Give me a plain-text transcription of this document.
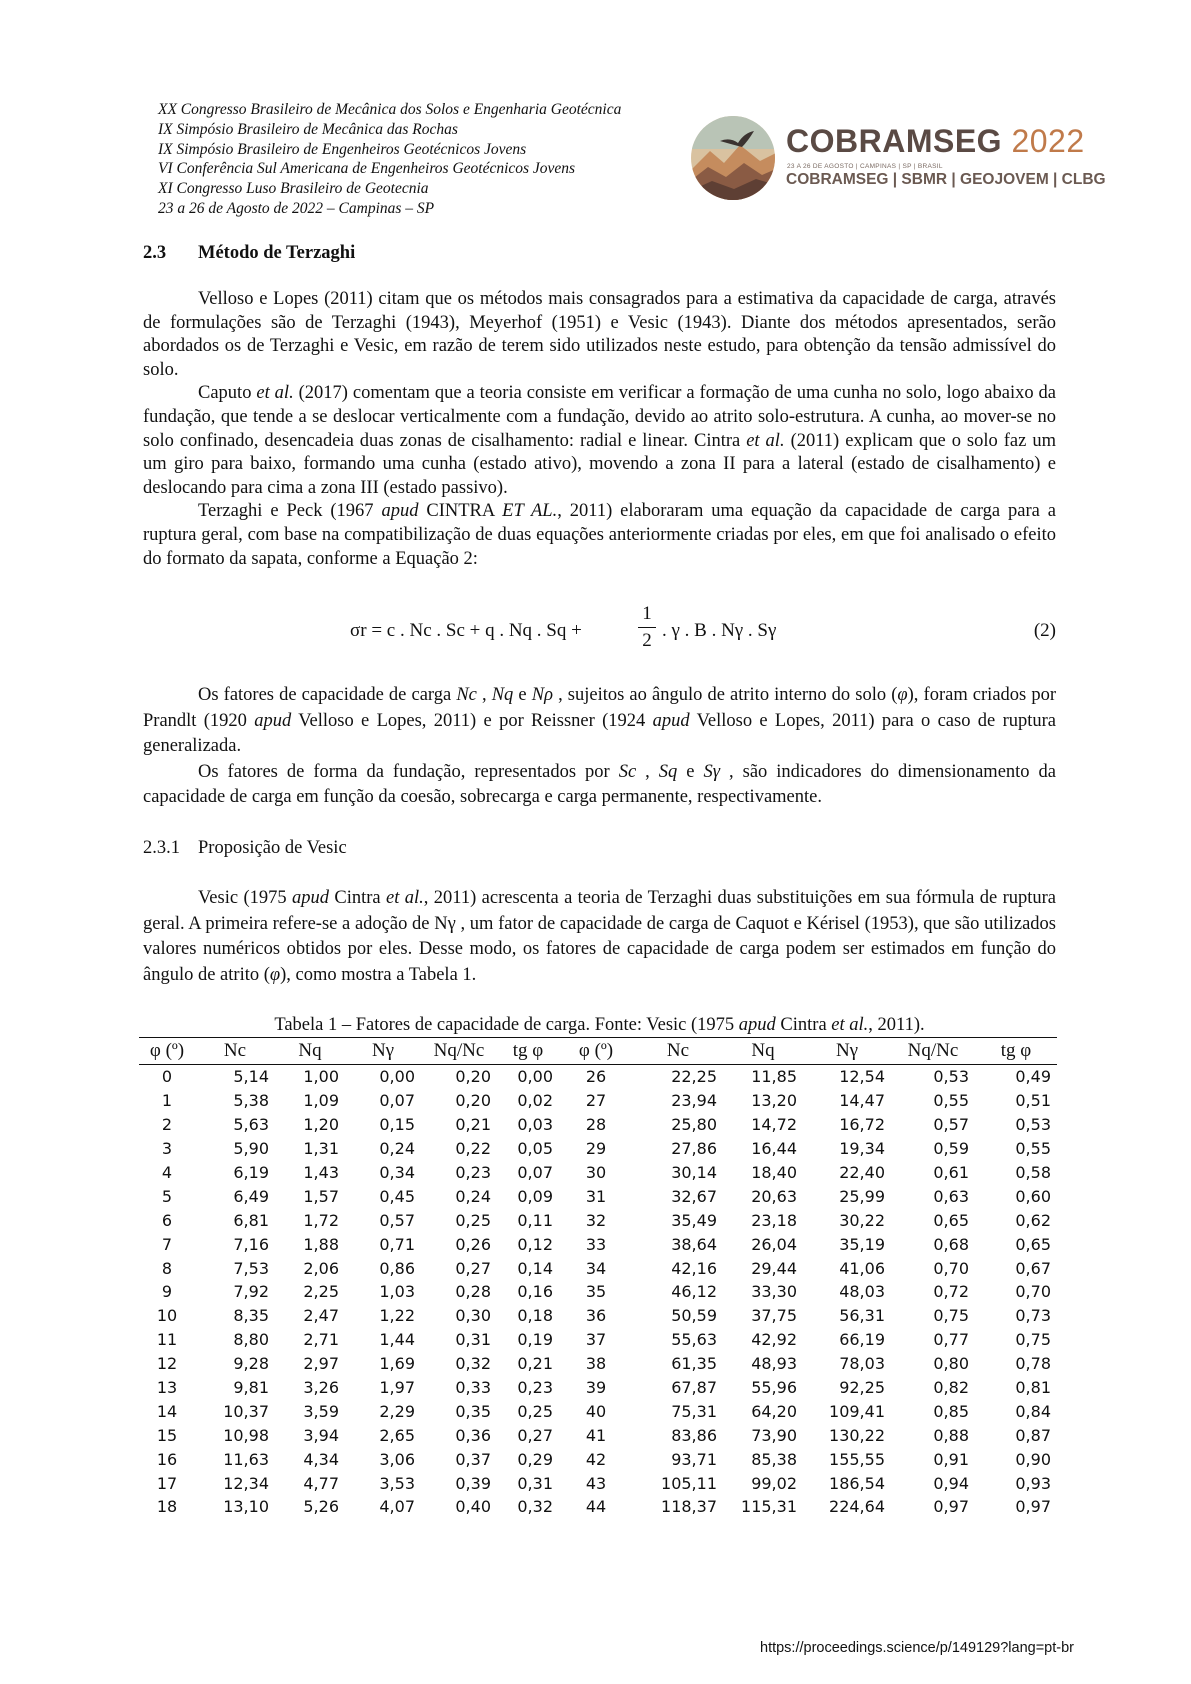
XX Congresso Brasileiro de Mecânica dos Solos e Engenharia Geotécnica
IX Simpósio Brasileiro de Mecânica das Rochas
IX Simpósio Brasileiro de Engenheiros Geotécnicos Jovens
VI Conferência Sul Americana de Engenheiros Geotécnicos Jovens
XI Congresso Luso Brasileiro de Geotecnia
23 a 26 de Agosto de 2022 – Campinas – SP
COBRAMSEG 2022
23 A 26 DE AGOSTO | CAMPINAS | SP | BRASIL
COBRAMSEG | SBMR | GEOJOVEM | CLBG
2.3 Método de Terzaghi

Velloso e Lopes (2011) citam que os métodos mais consagrados para a estimativa da capacidade de carga, através de formulações são de Terzaghi (1943), Meyerhof (1951) e Vesic (1943). Diante dos métodos apresentados, serão abordados os de Terzaghi e Vesic, em razão de terem sido utilizados neste estudo, para obtenção da tensão admissível do solo.

Caputo et al. (2017) comentam que a teoria consiste em verificar a formação de uma cunha no solo, logo abaixo da fundação, que tende a se deslocar verticalmente com a fundação, devido ao atrito solo-estrutura. A cunha, ao mover-se no solo confinado, desencadeia duas zonas de cisalhamento: radial e linear. Cintra et al. (2011) explicam que o solo faz um um giro para baixo, formando uma cunha (estado ativo), movendo a zona II para a lateral (estado de cisalhamento) e deslocando para cima a zona III (estado passivo).

Terzaghi e Peck (1967 apud CINTRA ET AL., 2011) elaboraram uma equação da capacidade de carga para a ruptura geral, com base na compatibilização de duas equações anteriormente criadas por eles, em que foi analisado o efeito do formato da sapata, conforme a Equação 2:

σr = c . Nc . Sc + q . Nq . Sq +
1
2 . γ . B . Nγ . Sγ	(2)

Os fatores de capacidade de carga Nc , Nq e Nρ , sujeitos ao ângulo de atrito interno do solo (φ), foram criados por Prandlt (1920 apud Velloso e Lopes, 2011) e por Reissner (1924 apud Velloso e Lopes, 2011) para o caso de ruptura generalizada.

Os fatores de forma da fundação, representados por Sc , Sq e Sγ , são indicadores do dimensionamento da capacidade de carga em função da coesão, sobrecarga e carga permanente, respectivamente.

2.3.1 Proposição de Vesic

Vesic (1975 apud Cintra et al., 2011) acrescenta a teoria de Terzaghi duas substituições em sua fórmula de ruptura geral. A primeira refere-se a adoção de Nγ , um fator de capacidade de carga de Caquot e Kérisel (1953), que são utilizados valores numéricos obtidos por eles. Desse modo, os fatores de capacidade de carga podem ser estimados em função do ângulo de atrito (φ), como mostra a Tabela 1.

Tabela 1 – Fatores de capacidade de carga. Fonte: Vesic (1975 apud Cintra et al., 2011).
φ (º)	Nc	Nq	Nγ	Nq/Nc	tg φ	φ (º)	Nc	Nq	Nγ	Nq/Nc	tg φ
0	5,14	1,00	0,00	0,20	0,00	26	22,25	11,85	12,54	0,53	0,49
1	5,38	1,09	0,07	0,20	0,02	27	23,94	13,20	14,47	0,55	0,51
2	5,63	1,20	0,15	0,21	0,03	28	25,80	14,72	16,72	0,57	0,53
3	5,90	1,31	0,24	0,22	0,05	29	27,86	16,44	19,34	0,59	0,55
4	6,19	1,43	0,34	0,23	0,07	30	30,14	18,40	22,40	0,61	0,58
5	6,49	1,57	0,45	0,24	0,09	31	32,67	20,63	25,99	0,63	0,60
6	6,81	1,72	0,57	0,25	0,11	32	35,49	23,18	30,22	0,65	0,62
7	7,16	1,88	0,71	0,26	0,12	33	38,64	26,04	35,19	0,68	0,65
8	7,53	2,06	0,86	0,27	0,14	34	42,16	29,44	41,06	0,70	0,67
9	7,92	2,25	1,03	0,28	0,16	35	46,12	33,30	48,03	0,72	0,70
10	8,35	2,47	1,22	0,30	0,18	36	50,59	37,75	56,31	0,75	0,73
11	8,80	2,71	1,44	0,31	0,19	37	55,63	42,92	66,19	0,77	0,75
12	9,28	2,97	1,69	0,32	0,21	38	61,35	48,93	78,03	0,80	0,78
13	9,81	3,26	1,97	0,33	0,23	39	67,87	55,96	92,25	0,82	0,81
14	10,37	3,59	2,29	0,35	0,25	40	75,31	64,20	109,41	0,85	0,84
15	10,98	3,94	2,65	0,36	0,27	41	83,86	73,90	130,22	0,88	0,87
16	11,63	4,34	3,06	0,37	0,29	42	93,71	85,38	155,55	0,91	0,90
17	12,34	4,77	3,53	0,39	0,31	43	105,11	99,02	186,54	0,94	0,93
18	13,10	5,26	4,07	0,40	0,32	44	118,37	115,31	224,64	0,97	0,97
https://proceedings.science/p/149129?lang=pt-br
